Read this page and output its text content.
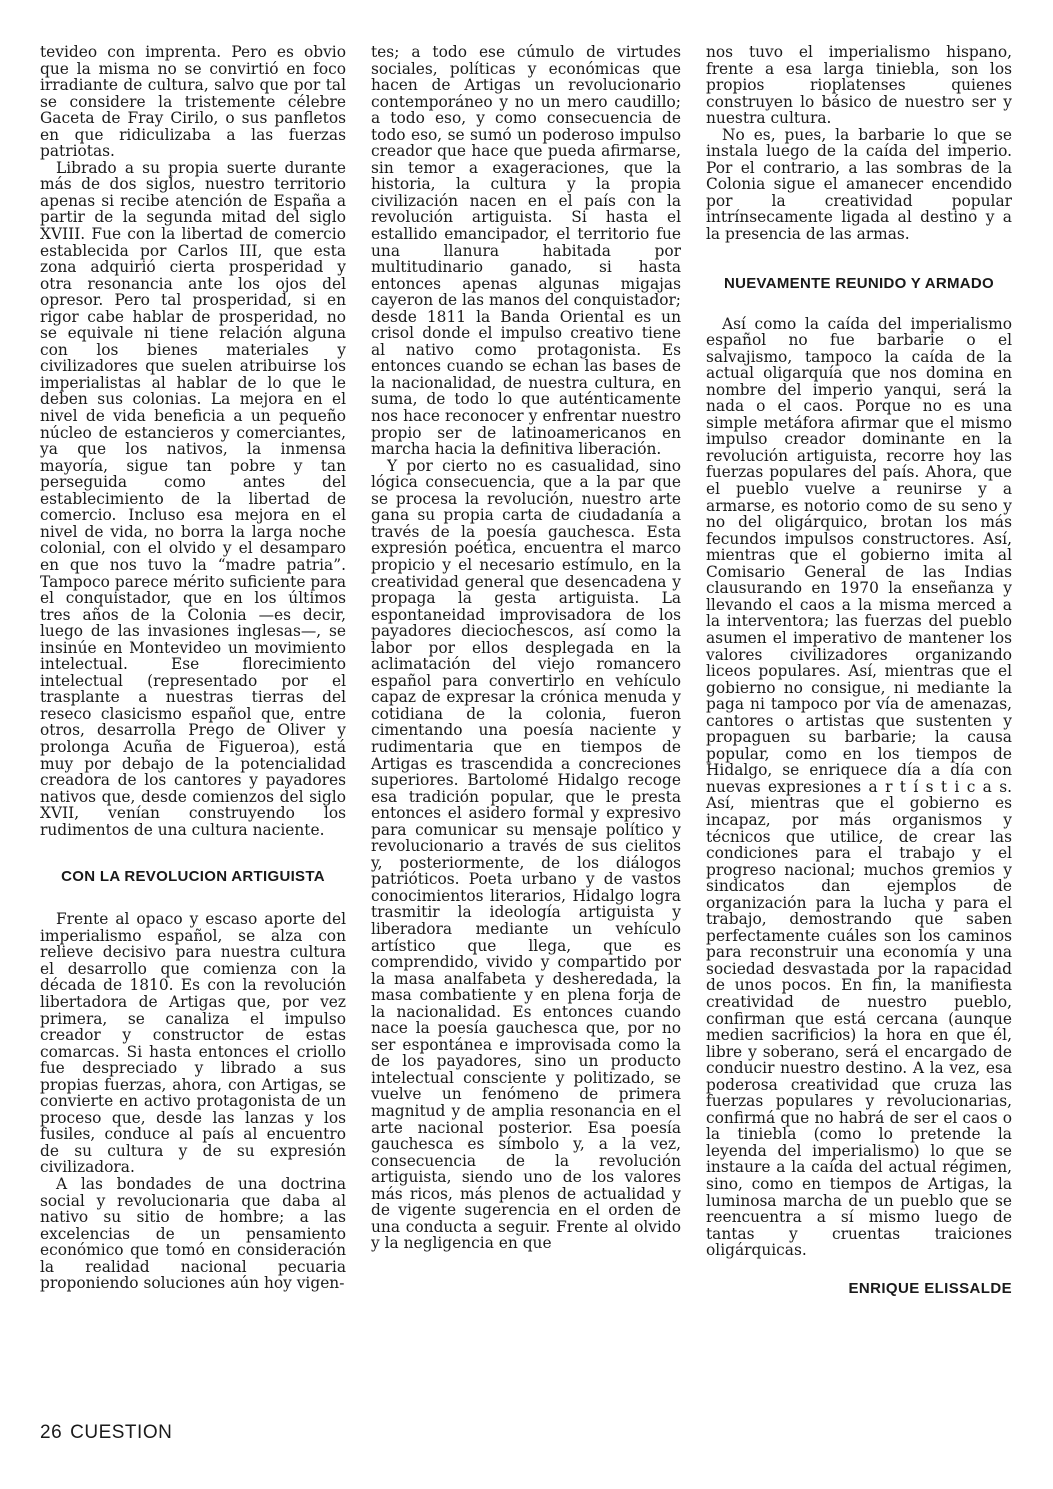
tevideo con imprenta. Pero es obvio que la misma no se convirtió en foco irradiante de cultura, salvo que por tal se considere la tristemente célebre Gaceta de Fray Cirilo, o sus panfletos en que ridiculizaba a las fuerzas patriotas.

Librado a su propia suerte durante más de dos siglos, nuestro territorio apenas si recibe atención de España a partir de la segunda mitad del siglo XVIII. Fue con la libertad de comercio establecida por Carlos III, que esta zona adquirió cierta prosperidad y otra resonancia ante los ojos del opresor. Pero tal prosperidad, si en rigor cabe hablar de prosperidad, no se equivale ni tiene relación alguna con los bienes materiales y civilizadores que suelen atribuirse los imperialistas al hablar de lo que le deben sus colonias. La mejora en el nivel de vida beneficia a un pequeño núcleo de estancieros y comerciantes, ya que los nativos, la inmensa mayoría, sigue tan pobre y tan perseguida como antes del establecimiento de la libertad de comercio. Incluso esa mejora en el nivel de vida, no borra la larga noche colonial, con el olvido y el desamparo en que nos tuvo la “madre patria”. Tampoco parece mérito suficiente para el conquistador, que en los últimos tres años de la Colonia —es decir, luego de las invasiones inglesas—, se insinúe en Montevideo un movimiento intelectual. Ese florecimiento intelectual (representado por el trasplante a nuestras tierras del reseco clasicismo español que, entre otros, desarrolla Prego de Oliver y prolonga Acuña de Figueroa), está muy por debajo de la potencialidad creadora de los cantores y payadores nativos que, desde comienzos del siglo XVII, venían construyendo los rudimentos de una cultura naciente.

CON LA REVOLUCION ARTIGUISTA

Frente al opaco y escaso aporte del imperialismo español, se alza con relieve decisivo para nuestra cultura el desarrollo que comienza con la década de 1810. Es con la revolución libertadora de Artigas que, por vez primera, se canaliza el impulso creador y constructor de estas comarcas. Si hasta entonces el criollo fue despreciado y librado a sus propias fuerzas, ahora, con Artigas, se convierte en activo protagonista de un proceso que, desde las lanzas y los fusiles, conduce al país al encuentro de su cultura y de su expresión civilizadora.

A las bondades de una doctrina social y revolucionaria que daba al nativo su sitio de hombre; a las excelencias de un pensamiento económico que tomó en consideración la realidad nacional pecuaria proponiendo soluciones aún hoy vigen-

tes; a todo ese cúmulo de virtudes sociales, políticas y económicas que hacen de Artigas un revolucionario contemporáneo y no un mero caudillo; a todo eso, y como consecuencia de todo eso, se sumó un poderoso impulso creador que hace que pueda afirmarse, sin temor a exageraciones, que la historia, la cultura y la propia civilización nacen en el país con la revolución artiguista. Si hasta el estallido emancipador, el territorio fue una llanura habitada por multitudinario ganado, si hasta entonces apenas algunas migajas cayeron de las manos del conquistador; desde 1811 la Banda Oriental es un crisol donde el impulso creativo tiene al nativo como protagonista. Es entonces cuando se echan las bases de la nacionalidad, de nuestra cultura, en suma, de todo lo que auténticamente nos hace reconocer y enfrentar nuestro propio ser de latinoamericanos en marcha hacia la definitiva liberación.

Y por cierto no es casualidad, sino lógica consecuencia, que a la par que se procesa la revolución, nuestro arte gana su propia carta de ciudadanía a través de la poesía gauchesca. Esta expresión poética, encuentra el marco propicio y el necesario estímulo, en la creatividad general que desencadena y propaga la gesta artiguista. La espontaneidad improvisadora de los payadores dieciochescos, así como la labor por ellos desplegada en la aclimatación del viejo romancero español para convertirlo en vehículo capaz de expresar la crónica menuda y cotidiana de la colonia, fueron cimentando una poesía naciente y rudimentaria que en tiempos de Artigas es trascendida a concreciones superiores. Bartolomé Hidalgo recoge esa tradición popular, que le presta entonces el asidero formal y expresivo para comunicar su mensaje político y revolucionario a través de sus cielitos y, posteriormente, de los diálogos patrióticos. Poeta urbano y de vastos conocimientos literarios, Hidalgo logra trasmitir la ideología artiguista y liberadora mediante un vehículo artístico que llega, que es comprendido, vivido y compartido por la masa analfabeta y desheredada, la masa combatiente y en plena forja de la nacionalidad. Es entonces cuando nace la poesía gauchesca que, por no ser espontánea e improvisada como la de los payadores, sino un producto intelectual consciente y politizado, se vuelve un fenómeno de primera magnitud y de amplia resonancia en el arte nacional posterior. Esa poesía gauchesca es símbolo y, a la vez, consecuencia de la revolución artiguista, siendo uno de los valores más ricos, más plenos de actualidad y de vigente sugerencia en el orden de una conducta a seguir. Frente al olvido y la negligencia en que

nos tuvo el imperialismo hispano, frente a esa larga tiniebla, son los propios rioplatenses quienes construyen lo básico de nuestro ser y nuestra cultura.

No es, pues, la barbarie lo que se instala luego de la caída del imperio. Por el contrario, a las sombras de la Colonia sigue el amanecer encendido por la creatividad popular intrínsecamente ligada al destino y a la presencia de las armas.

NUEVAMENTE REUNIDO Y ARMADO

Así como la caída del imperialismo español no fue barbarie o el salvajismo, tampoco la caída de la actual oligarquía que nos domina en nombre del imperio yanqui, será la nada o el caos. Porque no es una simple metáfora afirmar que el mismo impulso creador dominante en la revolución artiguista, recorre hoy las fuerzas populares del país. Ahora, que el pueblo vuelve a reunirse y a armarse, es notorio como de su seno y no del oligárquico, brotan los más fecundos impulsos constructores. Así, mientras que el gobierno imita al Comisario General de las Indias clausurando en 1970 la enseñanza y llevando el caos a la misma merced a la interventora; las fuerzas del pueblo asumen el imperativo de mantener los valores civilizadores organizando liceos populares. Así, mientras que el gobierno no consigue, ni mediante la paga ni tampoco por vía de amenazas, cantores o artistas que sustenten y propaguen su barbarie; la causa popular, como en los tiempos de Hidalgo, se enriquece día a día con nuevas expresiones a r t í s t i c a s. Así, mientras que el gobierno es incapaz, por más organismos y técnicos que utilice, de crear las condiciones para el trabajo y el progreso nacional; muchos gremios y sindicatos dan ejemplos de organización para la lucha y para el trabajo, demostrando que saben perfectamente cuáles son los caminos para reconstruir una economía y una sociedad desvastada por la rapacidad de unos pocos. En fin, la manifiesta creatividad de nuestro pueblo, confirman que está cercana (aunque medien sacrificios) la hora en que él, libre y soberano, será el encargado de conducir nuestro destino. A la vez, esa poderosa creatividad que cruza las fuerzas populares y revolucionarias, confirmá que no habrá de ser el caos o la tiniebla (como lo pretende la leyenda del imperialismo) lo que se instaure a la caída del actual régimen, sino, como en tiempos de Artigas, la luminosa marcha de un pueblo que se reencuentra a sí mismo luego de tantas y cruentas traiciones oligárquicas.

ENRIQUE ELISSALDE
26 CUESTION
